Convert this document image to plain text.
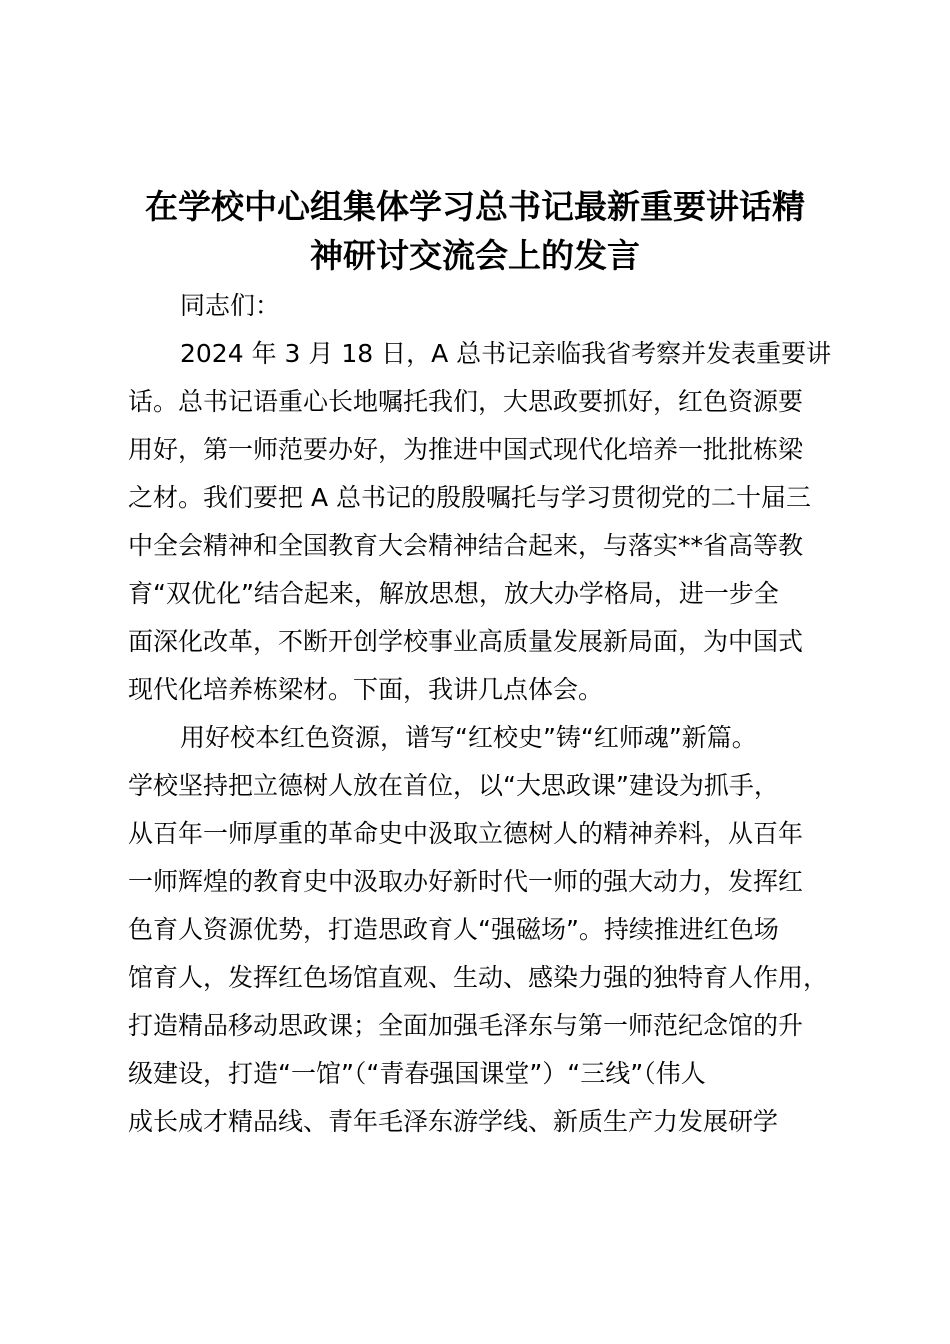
在学校中心组集体学习总书记最新重要讲话精
神研讨交流会上的发言

同志们：

2024 年 3 月 18 日，A 总书记亲临我省考察并发表重要讲

话。总书记语重心长地嘱托我们，大思政要抓好，红色资源要

用好，第一师范要办好，为推进中国式现代化培养一批批栋梁

之材。我们要把 A 总书记的殷殷嘱托与学习贯彻党的二十届三

中全会精神和全国教育大会精神结合起来，与落实**省高等教

育“双优化”结合起来，解放思想，放大办学格局，进一步全

面深化改革，不断开创学校事业高质量发展新局面，为中国式

现代化培养栋梁材。下面，我讲几点体会。

用好校本红色资源，谱写“红校史”铸“红师魂”新篇。

学校坚持把立德树人放在首位，以“大思政课”建设为抓手，

从百年一师厚重的革命史中汲取立德树人的精神养料，从百年

一师辉煌的教育史中汲取办好新时代一师的强大动力，发挥红

色育人资源优势，打造思政育人“强磁场”。持续推进红色场

馆育人，发挥红色场馆直观、生动、感染力强的独特育人作用，

打造精品移动思政课；全面加强毛泽东与第一师范纪念馆的升

级建设，打造“一馆”（“青春强国课堂”）“三线”（伟人

成长成才精品线、青年毛泽东游学线、新质生产力发展研学
